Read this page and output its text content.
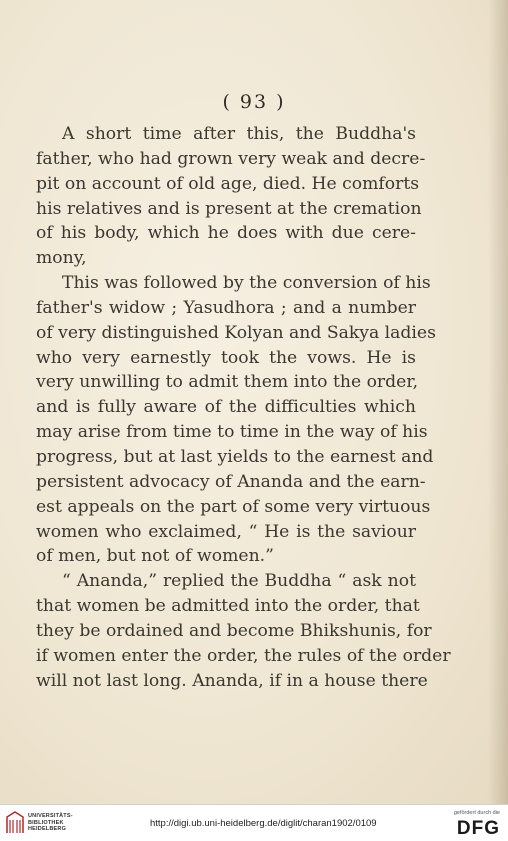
( 93 )
A short time after this, the Buddha's
father, who had grown very weak and decre-
pit on account of old age, died. He comforts
his relatives and is present at the cremation
of his body, which he does with due cere-
mony,
This was followed by the conversion of his
father's widow ; Yasudhora ; and a number
of very distinguished Kolyan and Sakya ladies
who very earnestly took the vows. He is
very unwilling to admit them into the order,
and is fully aware of the difficulties which
may arise from time to time in the way of his
progress, but at last yields to the earnest and
persistent advocacy of Ananda and the earn-
est appeals on the part of some very virtuous
women who exclaimed, “ He is the saviour
of men, but not of women.”
“ Ananda,” replied the Buddha “ ask not
that women be admitted into the order, that
they be ordained and become Bhikshunis, for
if women enter the order, the rules of the order
will not last long. Ananda, if in a house there
UNIVERSITÄTS-
BIBLIOTHEK
HEIDELBERG	http://digi.ub.uni-heidelberg.de/diglit/charan1902/0109
gefördert durch die
DFG
